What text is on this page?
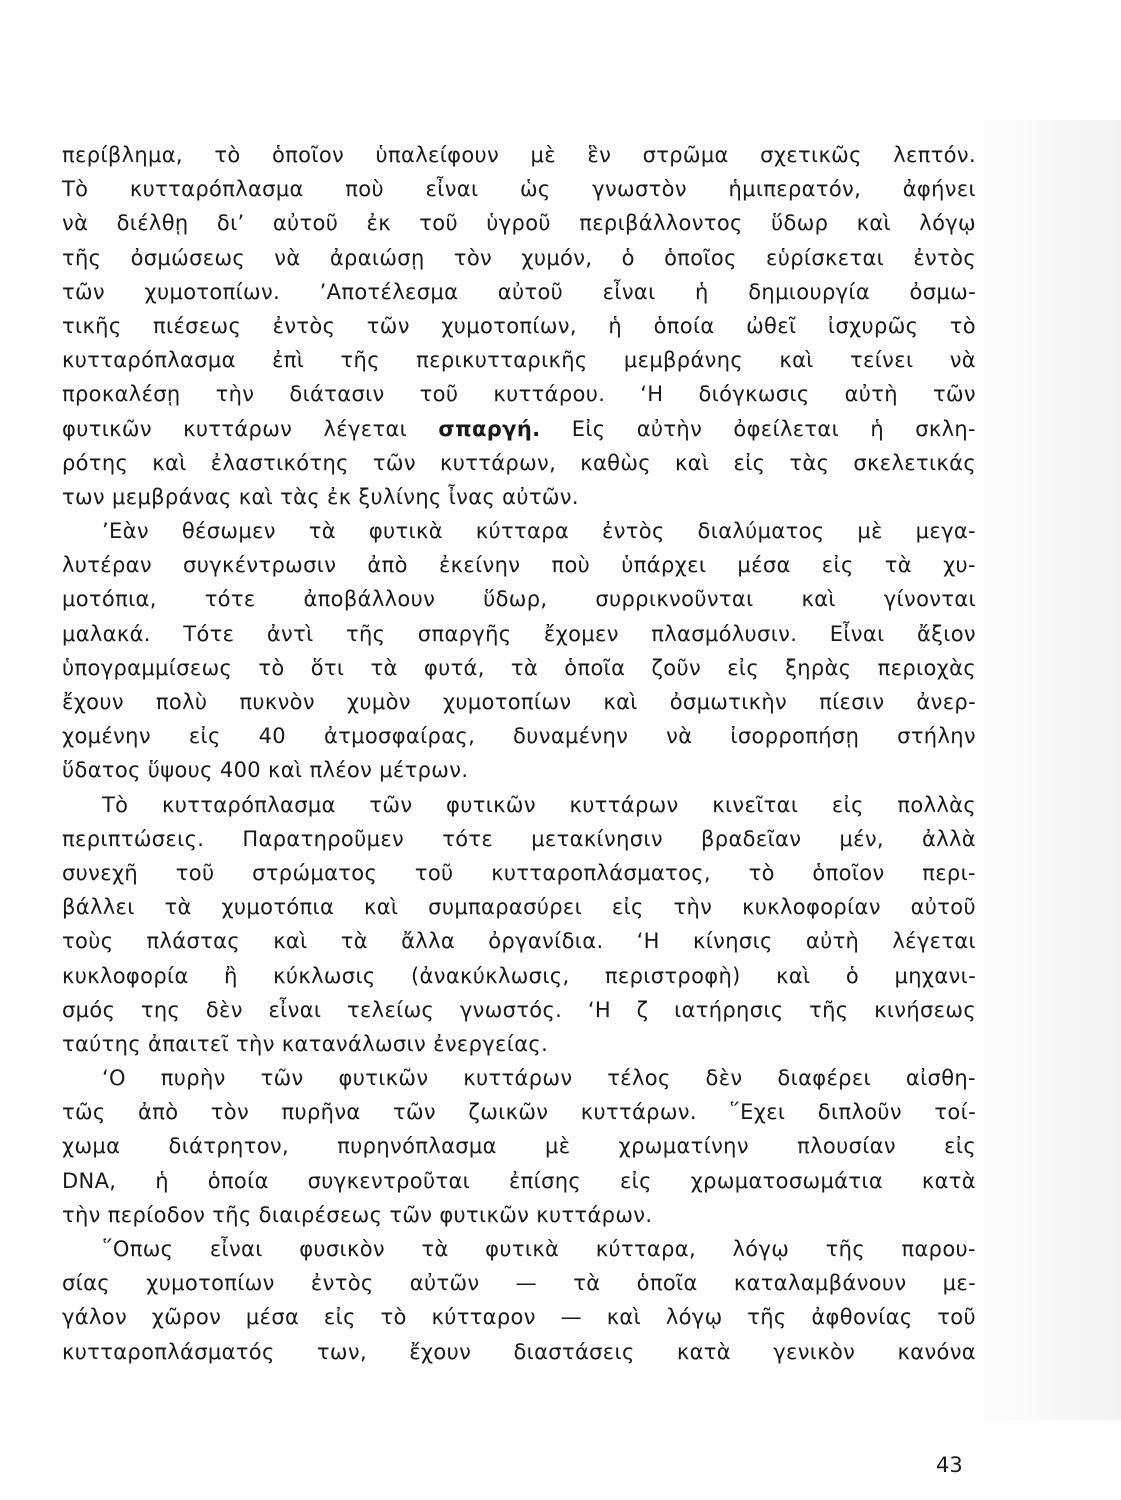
περίβλημα, τὸ ὁποῖον ὑπαλείφουν μὲ ἓν στρῶμα σχετικῶς λεπτόν.
Τὸ κυτταρόπλασμα ποὺ εἶναι ὡς γνωστὸν ἡμιπερατόν, ἀφήνει
νὰ διέλθῃ δι’ αὐτοῦ ἐκ τοῦ ὑγροῦ περιβάλλοντος ὕδωρ καὶ λόγῳ
τῆς ὀσμώσεως νὰ ἀραιώσῃ τὸν χυμόν, ὁ ὁποῖος εὑρίσκεται ἐντὸς
τῶν χυμοτοπίων. ’Αποτέλεσμα αὐτοῦ εἶναι ἡ δημιουργία ὀσμω-
τικῆς πιέσεως ἐντὸς τῶν χυμοτοπίων, ἡ ὁποία ὠθεῖ ἰσχυρῶς τὸ
κυτταρόπλασμα ἐπὶ τῆς περικυτταρικῆς μεμβράνης καὶ τείνει νὰ
προκαλέσῃ τὴν διάτασιν τοῦ κυττάρου. ‘Η διόγκωσις αὐτὴ τῶν
φυτικῶν κυττάρων λέγεται σπαργή. Εἰς αὐτὴν ὀφείλεται ἡ σκλη-
ρότης καὶ ἐλαστικότης τῶν κυττάρων, καθὼς καὶ εἰς τὰς σκελετικάς
των μεμβράνας καὶ τὰς ἐκ ξυλίνης ἶνας αὐτῶν.
’Εὰν θέσωμεν τὰ φυτικὰ κύτταρα ἐντὸς διαλύματος μὲ μεγα-
λυτέραν συγκέντρωσιν ἀπὸ ἐκείνην ποὺ ὑπάρχει μέσα εἰς τὰ χυ-
μοτόπια, τότε ἀποβάλλουν ὕδωρ, συρρικνοῦνται καὶ γίνονται
μαλακά. Τότε ἀντὶ τῆς σπαργῆς ἔχομεν πλασμόλυσιν. Εἶναι ἄξιον
ὑπογραμμίσεως τὸ ὅτι τὰ φυτά, τὰ ὁποῖα ζοῦν εἰς ξηρὰς περιοχὰς
ἔχουν πολὺ πυκνὸν χυμὸν χυμοτοπίων καὶ ὀσμωτικὴν πίεσιν ἀνερ-
χομένην εἰς 40 ἀτμοσφαίρας, δυναμένην νὰ ἰσορροπήσῃ στήλην
ὕδατος ὕψους 400 καὶ πλέον μέτρων.
Τὸ κυτταρόπλασμα τῶν φυτικῶν κυττάρων κινεῖται εἰς πολλὰς
περιπτώσεις. Παρατηροῦμεν τότε μετακίνησιν βραδεῖαν μέν, ἀλλὰ
συνεχῆ τοῦ στρώματος τοῦ κυτταροπλάσματος, τὸ ὁποῖον περι-
βάλλει τὰ χυμοτόπια καὶ συμπαρασύρει εἰς τὴν κυκλοφορίαν αὐτοῦ
τοὺς πλάστας καὶ τὰ ἄλλα ὀργανίδια. ‘Η κίνησις αὐτὴ λέγεται
κυκλοφορία ἢ κύκλωσις (ἀνακύκλωσις, περιστροφὴ) καὶ ὁ μηχανι-
σμός της δὲν εἶναι τελείως γνωστός. ‘Η ζ ιατήρησις τῆς κινήσεως
ταύτης ἀπαιτεῖ τὴν κατανάλωσιν ἐνεργείας.
‘Ο πυρὴν τῶν φυτικῶν κυττάρων τέλος δὲν διαφέρει αἰσθη-
τῶς ἀπὸ τὸν πυρῆνα τῶν ζωικῶν κυττάρων. ῞Εχει διπλοῦν τοί-
χωμα διάτρητον, πυρηνόπλασμα μὲ χρωματίνην πλουσίαν εἰς
DNA, ἡ ὁποία συγκεντροῦται ἐπίσης εἰς χρωματοσωμάτια κατὰ
τὴν περίοδον τῆς διαιρέσεως τῶν φυτικῶν κυττάρων.
῞Οπως εἶναι φυσικὸν τὰ φυτικὰ κύτταρα, λόγῳ τῆς παρου-
σίας χυμοτοπίων ἐντὸς αὐτῶν — τὰ ὁποῖα καταλαμβάνουν με-
γάλον χῶρον μέσα εἰς τὸ κύτταρον — καὶ λόγῳ τῆς ἀφθονίας τοῦ
κυτταροπλάσματός των, ἔχουν διαστάσεις κατὰ γενικὸν κανόνα
43
